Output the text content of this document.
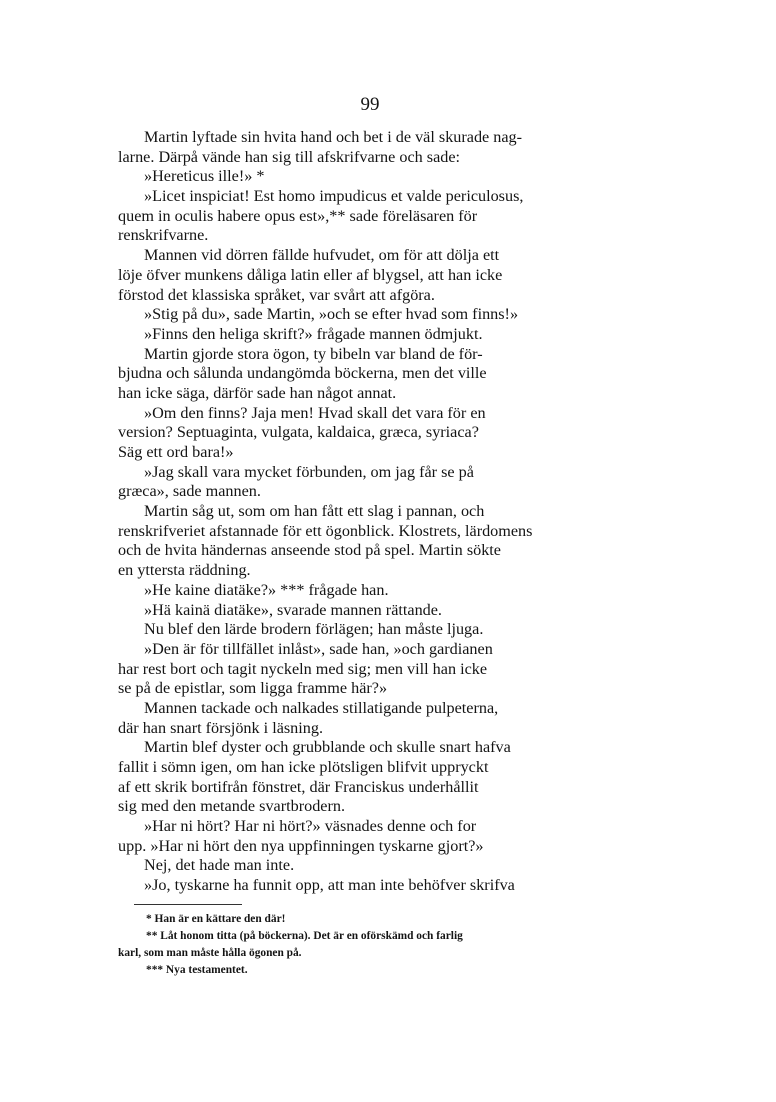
99
Martin lyftade sin hvita hand och bet i de väl skurade nag-
larne. Därpå vände han sig till afskrifvarne och sade:
»Hereticus ille!» *
»Licet inspiciat! Est homo impudicus et valde periculosus,
quem in oculis habere opus est»,** sade föreläsaren för
renskrifvarne.
Mannen vid dörren fällde hufvudet, om för att dölja ett
löje öfver munkens dåliga latin eller af blygsel, att han icke
förstod det klassiska språket, var svårt att afgöra.
»Stig på du», sade Martin, »och se efter hvad som finns!»
»Finns den heliga skrift?» frågade mannen ödmjukt.
Martin gjorde stora ögon, ty bibeln var bland de för-
bjudna och sålunda undangömda böckerna, men det ville
han icke säga, därför sade han något annat.
»Om den finns? Jaja men! Hvad skall det vara för en
version? Septuaginta, vulgata, kaldaica, græca, syriaca?
Säg ett ord bara!»
»Jag skall vara mycket förbunden, om jag får se på
græca», sade mannen.
Martin såg ut, som om han fått ett slag i pannan, och
renskrifveriet afstannade för ett ögonblick. Klostrets, lärdomens
och de hvita händernas anseende stod på spel. Martin sökte
en yttersta räddning.
»He kaine diatäke?» *** frågade han.
»Hä kainä diatäke», svarade mannen rättande.
Nu blef den lärde brodern förlägen; han måste ljuga.
»Den är för tillfället inlåst», sade han, »och gardianen
har rest bort och tagit nyckeln med sig; men vill han icke
se på de epistlar, som ligga framme här?»
Mannen tackade och nalkades stillatigande pulpeterna,
där han snart försjönk i läsning.
Martin blef dyster och grubblande och skulle snart hafva
fallit i sömn igen, om han icke plötsligen blifvit uppryckt
af ett skrik bortifrån fönstret, där Franciskus underhållit
sig med den metande svartbrodern.
»Har ni hört? Har ni hört?» väsnades denne och for
upp. »Har ni hört den nya uppfinningen tyskarne gjort?»
Nej, det hade man inte.
»Jo, tyskarne ha funnit opp, att man inte behöfver skrifva
* Han är en kättare den där!
** Låt honom titta (på böckerna). Det är en oförskämd och farlig
karl, som man måste hålla ögonen på.
*** Nya testamentet.
